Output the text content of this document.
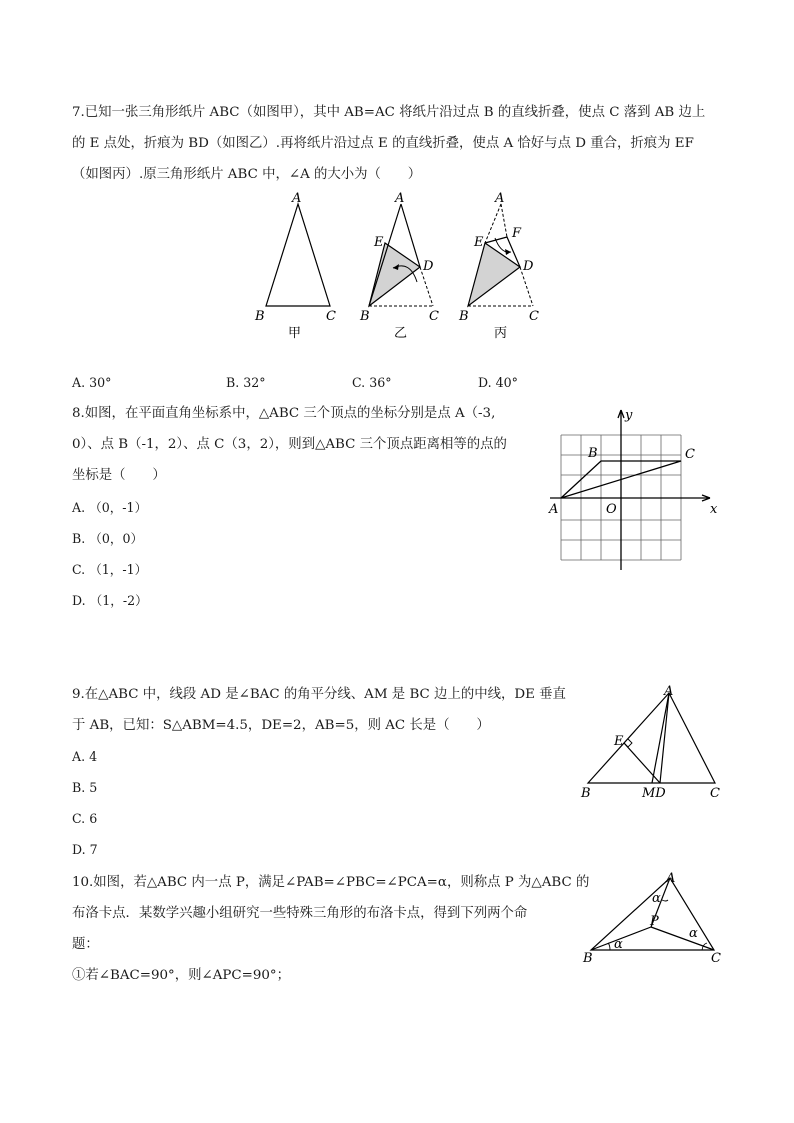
7.已知一张三角形纸片 ABC（如图甲），其中 AB=AC 将纸片沿过点 B 的直线折叠，使点 C 落到 AB 边上
的 E 点处，折痕为 BD（如图乙）.再将纸片沿过点 E 的直线折叠，使点 A 恰好与点 D 重合，折痕为 EF
（如图丙）.原三角形纸片 ABC 中，∠A 的大小为（　　）
A
B	C
甲
A
E
D
B	C
乙
A
E
F
D
B	C
丙
A. 30°	B. 32°	C. 36°	D. 40°
8.如图，在平面直角坐标系中，△ABC 三个顶点的坐标分别是点 A（-3,
0）、点 B（-1，2）、点 C（3，2），则到△ABC 三个顶点距离相等的点的
坐标是（　　）
A. （0，-1）
B. （0，0）
C. （1，-1）
D. （1，-2）
y
x
O
A
B	C
9.在△ABC 中，线段 AD 是∠BAC 的角平分线、AM 是 BC 边上的中线，DE 垂直
于 AB，已知：S△ABM=4.5，DE=2，AB=5，则 AC 长是（　　）
A. 4
B. 5
C. 6
D. 7
A
E
B	MD	C
10.如图，若△ABC 内一点 P，满足∠PAB=∠PBC=∠PCA=α，则称点 P 为△ABC 的
布洛卡点．某数学兴趣小组研究一些特殊三角形的布洛卡点，得到下列两个命
题：
①若∠BAC=90°，则∠APC=90°；
A
P
B	C
α
α
α
